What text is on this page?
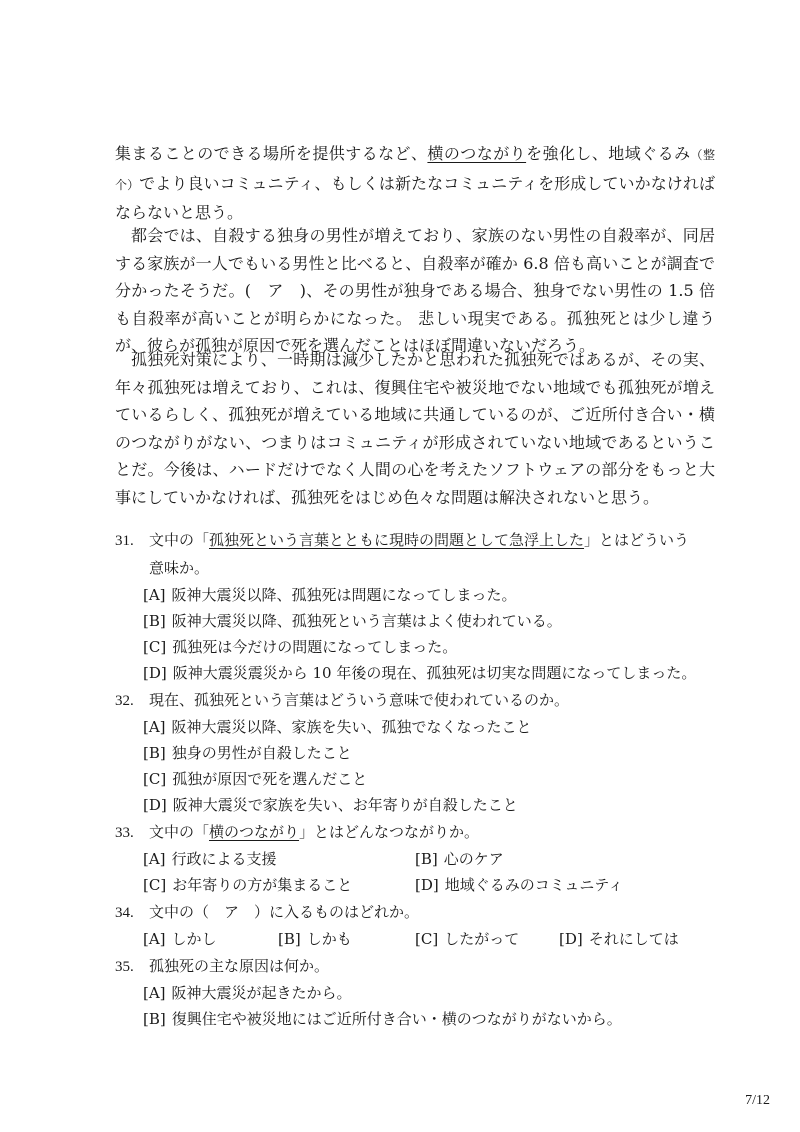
集まることのできる場所を提供するなど、横のつながりを強化し、地域ぐるみ（整个）でより良いコミュニティ、もしくは新たなコミュニティを形成していかなければならないと思う。

都会では、自殺する独身の男性が増えており、家族のない男性の自殺率が、同居する家族が一人でもいる男性と比べると、自殺率が確か 6.8 倍も高いことが調査で分かったそうだ。(　ア　)、その男性が独身である場合、独身でない男性の 1.5 倍も自殺率が高いことが明らかになった。 悲しい現実である。孤独死とは少し違うが、彼らが孤独が原因で死を選んだことはほぼ間違いないだろう。

孤独死対策により、一時期は減少したかと思われた孤独死ではあるが、その実、年々孤独死は増えており、これは、復興住宅や被災地でない地域でも孤独死が増えているらしく、孤独死が増えている地域に共通しているのが、ご近所付き合い・横のつながりがない、つまりはコミュニティが形成されていない地域であるということだ。今後は、ハードだけでなく人間の心を考えたソフトウェアの部分をもっと大事にしていかなければ、孤独死をはじめ色々な問題は解決されないと思う。

31. 文中の「孤独死という言葉とともに現時の問題として急浮上した」とはどういう
意味か。
[A] 阪神大震災以降、孤独死は問題になってしまった。
[B] 阪神大震災以降、孤独死という言葉はよく使われている。
[C] 孤独死は今だけの問題になってしまった。
[D] 阪神大震災震災から 10 年後の現在、孤独死は切実な問題になってしまった。
32. 現在、孤独死という言葉はどういう意味で使われているのか。
[A] 阪神大震災以降、家族を失い、孤独でなくなったこと
[B] 独身の男性が自殺したこと
[C] 孤独が原因で死を選んだこと
[D] 阪神大震災で家族を失い、お年寄りが自殺したこと
33. 文中の「横のつながり」とはどんなつながりか。
[A] 行政による支援	[B] 心のケア
[C] お年寄りの方が集まること	[D] 地域ぐるみのコミュニティ
34. 文中の（　ア　）に入るものはどれか。
[A] しかし	[B] しかも	[C] したがって	[D] それにしては
35. 孤独死の主な原因は何か。
[A] 阪神大震災が起きたから。
[B] 復興住宅や被災地にはご近所付き合い・横のつながりがないから。
7/12
